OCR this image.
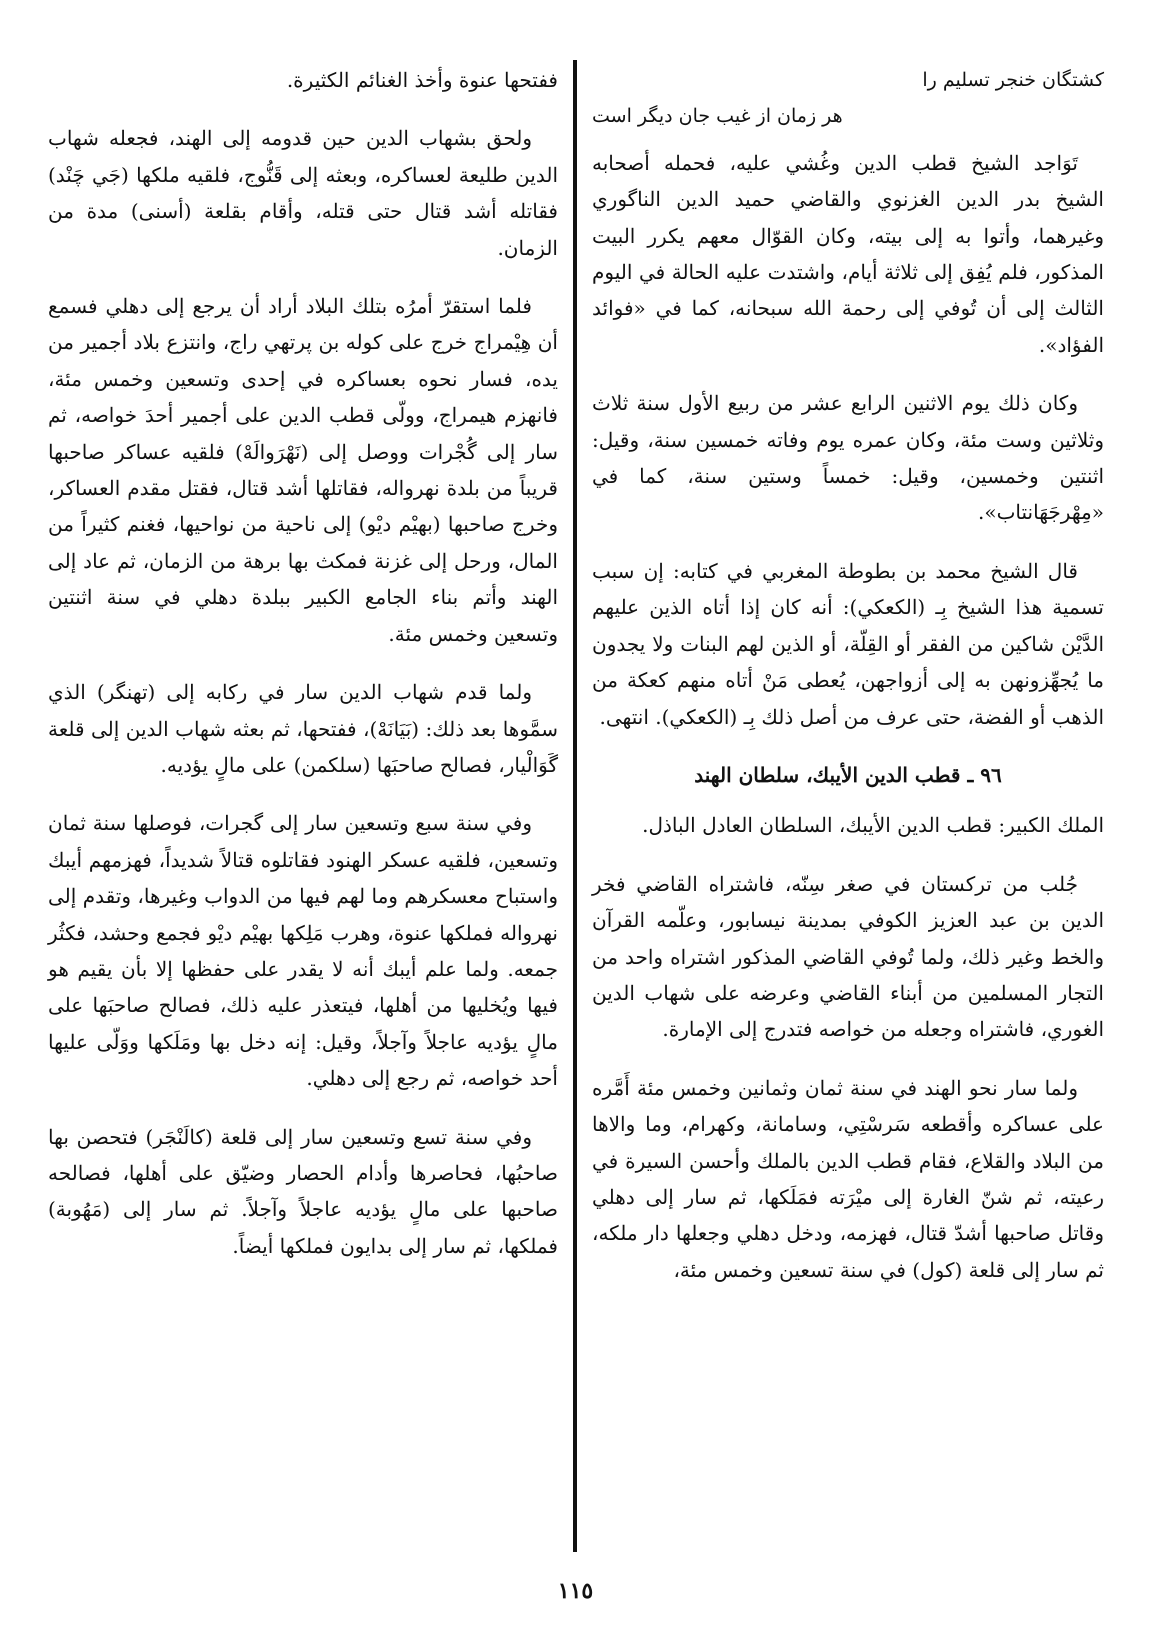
كشتگان خنجر تسليم را
هر زمان از غيب جان ديگر است

تَوَاجد الشيخ قطب الدين وغُشي عليه، فحمله أصحابه الشيخ بدر الدين الغزنوي والقاضي حميد الدين الناگوري وغيرهما، وأتوا به إلى بيته، وكان القوّال معهم يكرر البيت المذكور، فلم يُفِق إلى ثلاثة أيام، واشتدت عليه الحالة في اليوم الثالث إلى أن تُوفي إلى رحمة الله سبحانه، كما في «فوائد الفؤاد».

وكان ذلك يوم الاثنين الرابع عشر من ربيع الأول سنة ثلاث وثلاثين وست مئة، وكان عمره يوم وفاته خمسين سنة، وقيل: اثنتين وخمسين، وقيل: خمساً وستين سنة، كما في «مِهْرجَهَانتاب».

قال الشيخ محمد بن بطوطة المغربي في كتابه: إن سبب تسمية هذا الشيخ بِـ (الكعكي): أنه كان إذا أتاه الذين عليهم الدَّيْن شاكين من الفقر أو القِلّة، أو الذين لهم البنات ولا يجدون ما يُجهِّزونهن به إلى أزواجهن، يُعطى مَنْ أتاه منهم كعكة من الذهب أو الفضة، حتى عرف من أصل ذلك بِـ (الكعكي). انتهى.

٩٦ ـ قطب الدين الأيبك، سلطان الهند

الملك الكبير: قطب الدين الأيبك، السلطان العادل الباذل.

جُلب من تركستان في صغر سِنّه، فاشتراه القاضي فخر الدين بن عبد العزيز الكوفي بمدينة نيسابور، وعلّمه القرآن والخط وغير ذلك، ولما تُوفي القاضي المذكور اشتراه واحد من التجار المسلمين من أبناء القاضي وعرضه على شهاب الدين الغوري، فاشتراه وجعله من خواصه فتدرج إلى الإمارة.

ولما سار نحو الهند في سنة ثمان وثمانين وخمس مئة أَمَّره على عساكره وأقطعه سَرسْتِي، وسامانة، وكهرام، وما والاها من البلاد والقلاع، فقام قطب الدين بالملك وأحسن السيرة في رعيته، ثم شنّ الغارة إلى ميْرَته فمَلَكها، ثم سار إلى دهلي وقاتل صاحبها أشدّ قتال، فهزمه، ودخل دهلي وجعلها دار ملكه، ثم سار إلى قلعة (كول) في سنة تسعين وخمس مئة،

ففتحها عنوة وأخذ الغنائم الكثيرة.

ولحق بشهاب الدين حين قدومه إلى الهند، فجعله شهاب الدين طليعة لعساكره، وبعثه إلى قَنُّوج، فلقيه ملكها (جَي چَنْد) فقاتله أشد قتال حتى قتله، وأقام بقلعة (أسنى) مدة من الزمان.

فلما استقرّ أمرُه بتلك البلاد أراد أن يرجع إلى دهلي فسمع أن هِيْمراج خرج على كوله بن پرتهي راج، وانتزع بلاد أجمير من يده، فسار نحوه بعساكره في إحدى وتسعين وخمس مئة، فانهزم هيمراج، وولّى قطب الدين على أجمير أحدَ خواصه، ثم سار إلى گُجْرات ووصل إلى (نَهْرَوالَهْ) فلقيه عساكر صاحبها قريباً من بلدة نهرواله، فقاتلها أشد قتال، فقتل مقدم العساكر، وخرج صاحبها (بهيْم ديْو) إلى ناحية من نواحيها، فغنم كثيراً من المال، ورحل إلى غزنة فمكث بها برهة من الزمان، ثم عاد إلى الهند وأتم بناء الجامع الكبير ببلدة دهلي في سنة اثنتين وتسعين وخمس مئة.

ولما قدم شهاب الدين سار في ركابه إلى (تهنگر) الذي سمَّوها بعد ذلك: (بَيَانَهْ)، ففتحها، ثم بعثه شهاب الدين إلى قلعة گَوَالْيار، فصالح صاحبَها (سلكمن) على مالٍ يؤديه.

وفي سنة سبع وتسعين سار إلى گجرات، فوصلها سنة ثمان وتسعين، فلقيه عسكر الهنود فقاتلوه قتالاً شديداً، فهزمهم أيبك واستباح معسكرهم وما لهم فيها من الدواب وغيرها، وتقدم إلى نهرواله فملكها عنوة، وهرب مَلِكها بهيْم ديْو فجمع وحشد، فكثُر جمعه. ولما علم أيبك أنه لا يقدر على حفظها إلا بأن يقيم هو فيها ويُخليها من أهلها، فيتعذر عليه ذلك، فصالح صاحبَها على مالٍ يؤديه عاجلاً وآجلاً، وقيل: إنه دخل بها ومَلَكها ووَلّى عليها أحد خواصه، ثم رجع إلى دهلي.

وفي سنة تسع وتسعين سار إلى قلعة (كالَنْجَر) فتحصن بها صاحبُها، فحاصرها وأدام الحصار وضيّق على أهلها، فصالحه صاحبها على مالٍ يؤديه عاجلاً وآجلاً. ثم سار إلى (مَهُوبة) فملكها، ثم سار إلى بدايون فملكها أيضاً.

١١٥
